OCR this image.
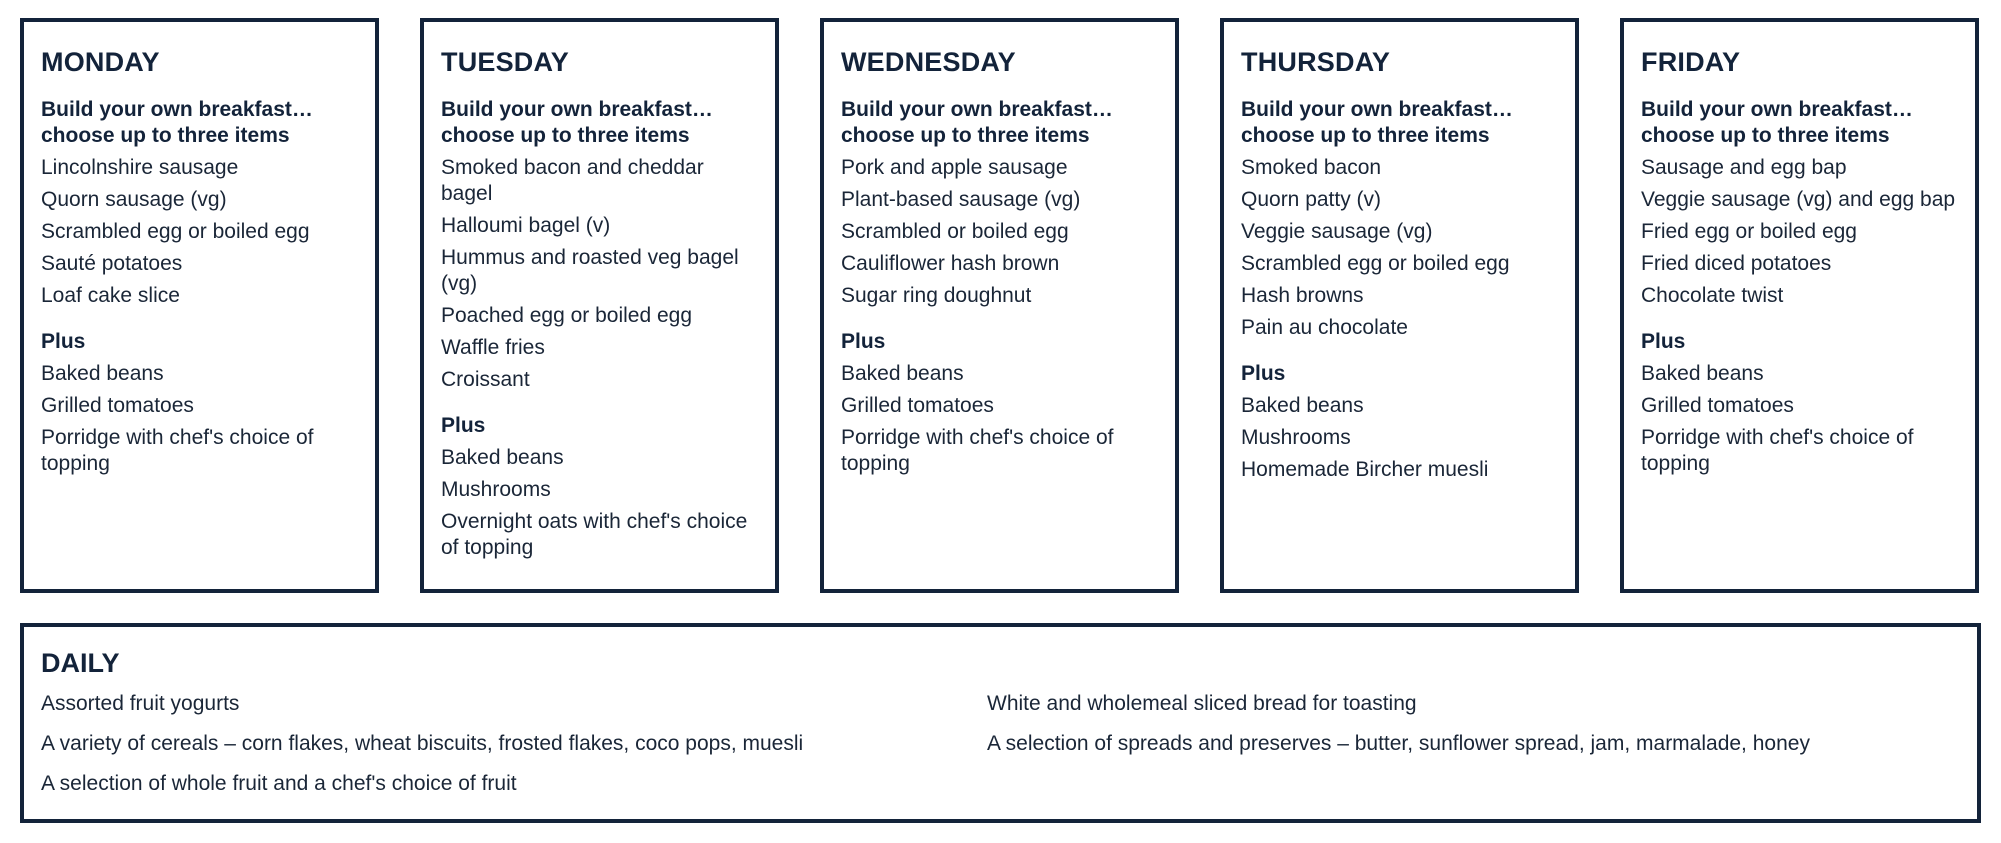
MONDAY
Build your own breakfast…
choose up to three items
Lincolnshire sausage
Quorn sausage (vg)
Scrambled egg or boiled egg
Sauté potatoes
Loaf cake slice
Plus
Baked beans
Grilled tomatoes
Porridge with chef's choice of topping
TUESDAY
Build your own breakfast…
choose up to three items
Smoked bacon and cheddar bagel
Halloumi bagel (v)
Hummus and roasted veg bagel (vg)
Poached egg or boiled egg
Waffle fries
Croissant
Plus
Baked beans
Mushrooms
Overnight oats with chef's choice of topping
WEDNESDAY
Build your own breakfast…
choose up to three items
Pork and apple sausage
Plant-based sausage (vg)
Scrambled or boiled egg
Cauliflower hash brown
Sugar ring doughnut
Plus
Baked beans
Grilled tomatoes
Porridge with chef's choice of topping
THURSDAY
Build your own breakfast…
choose up to three items
Smoked bacon
Quorn patty (v)
Veggie sausage (vg)
Scrambled egg or boiled egg
Hash browns
Pain au chocolate
Plus
Baked beans
Mushrooms
Homemade Bircher muesli
FRIDAY
Build your own breakfast…
choose up to three items
Sausage and egg bap
Veggie sausage (vg) and egg bap
Fried egg or boiled egg
Fried diced potatoes
Chocolate twist
Plus
Baked beans
Grilled tomatoes
Porridge with chef's choice of topping
DAILY
Assorted fruit yogurts
A variety of cereals – corn flakes, wheat biscuits, frosted flakes, coco pops, muesli
A selection of whole fruit and a chef's choice of fruit
White and wholemeal sliced bread for toasting
A selection of spreads and preserves – butter, sunflower spread, jam, marmalade, honey
